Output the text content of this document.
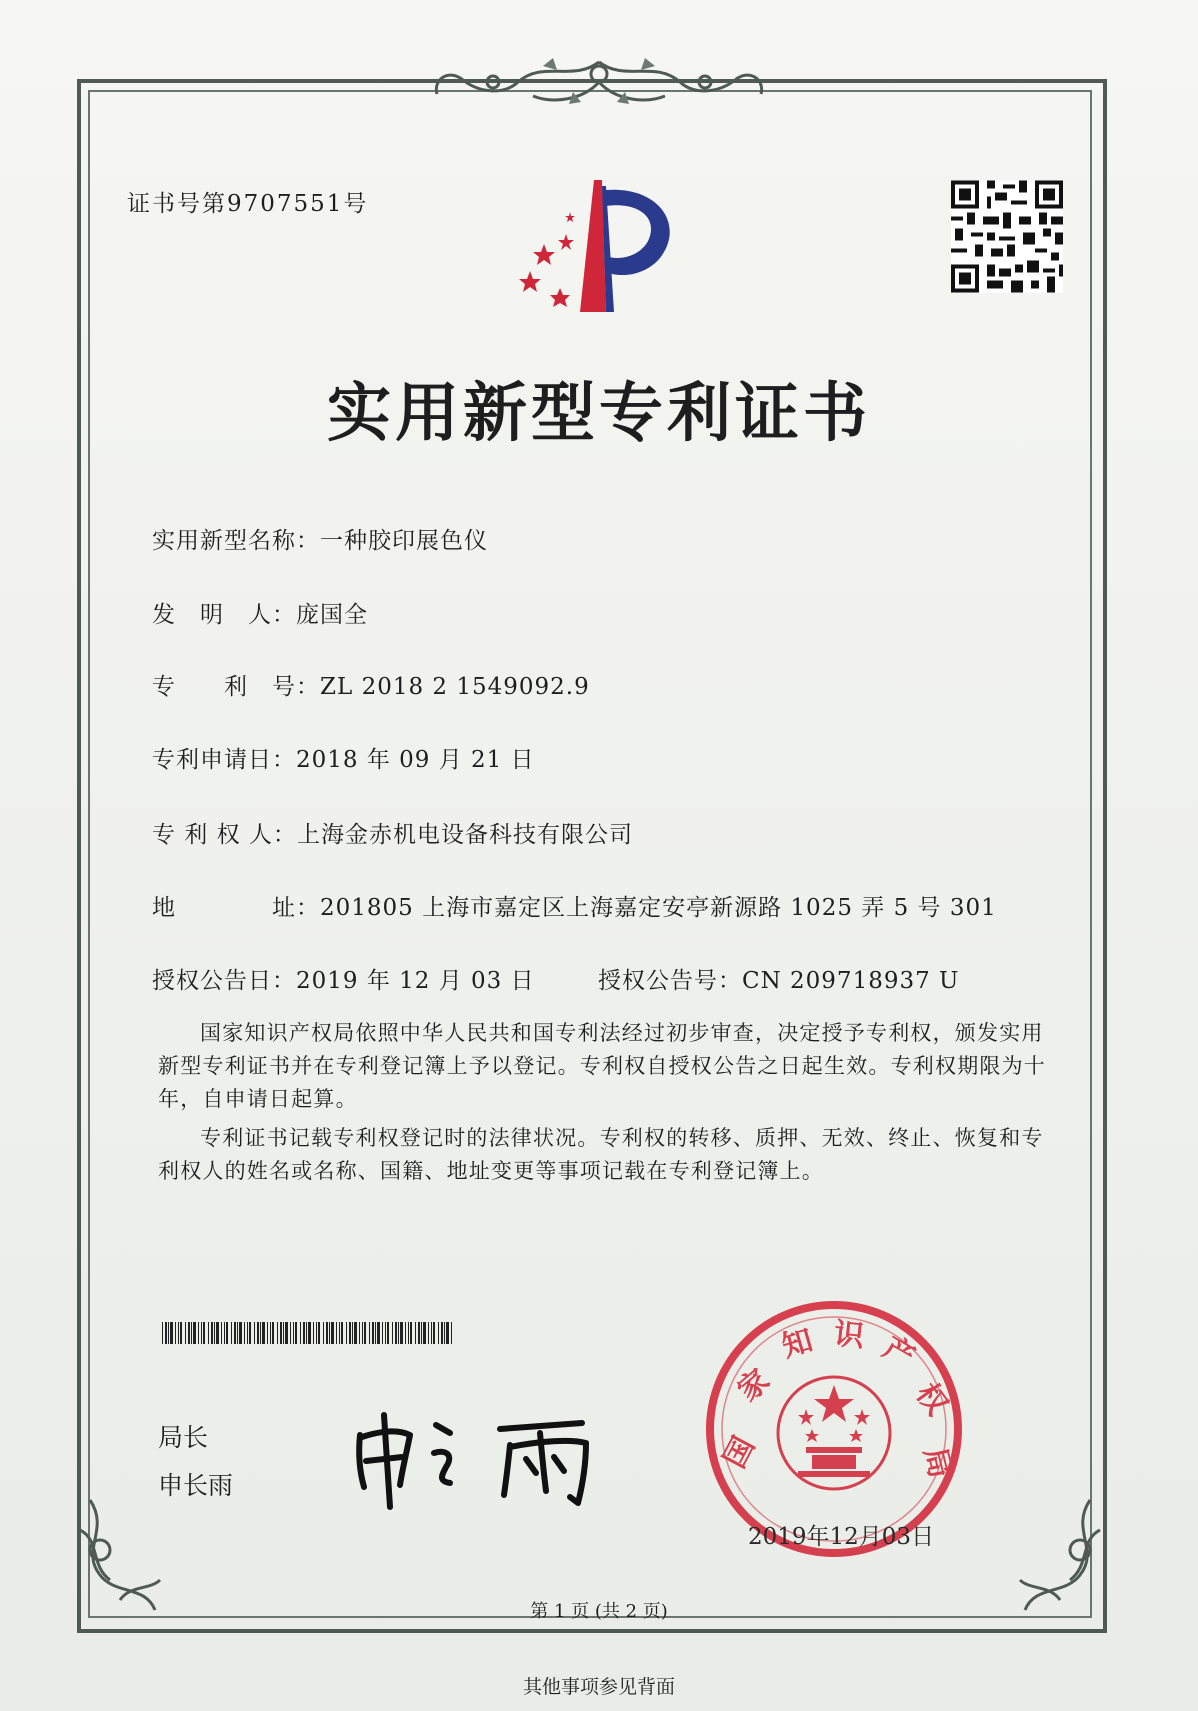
证书号第9707551号
实用新型专利证书
实用新型名称：一种胶印展色仪
发　明　人：庞国全
专　　利　号：ZL 2018 2 1549092.9
专利申请日：2018 年 09 月 21 日
专 利 权 人：上海金赤机电设备科技有限公司
地　　　　址：201805 上海市嘉定区上海嘉定安亭新源路 1025 弄 5 号 301
授权公告日：2019 年 12 月 03 日	授权公告号：CN 209718937 U
国家知识产权局依照中华人民共和国专利法经过初步审查，决定授予专利权，颁发实用新型专利证书并在专利登记簿上予以登记。专利权自授权公告之日起生效。专利权期限为十年，自申请日起算。
专利证书记载专利权登记时的法律状况。专利权的转移、质押、无效、终止、恢复和专利权人的姓名或名称、国籍、地址变更等事项记载在专利登记簿上。
局长
申长雨
国
家
知 识 产
权
局
2019年12月03日
第 1 页 (共 2 页)
其他事项参见背面
